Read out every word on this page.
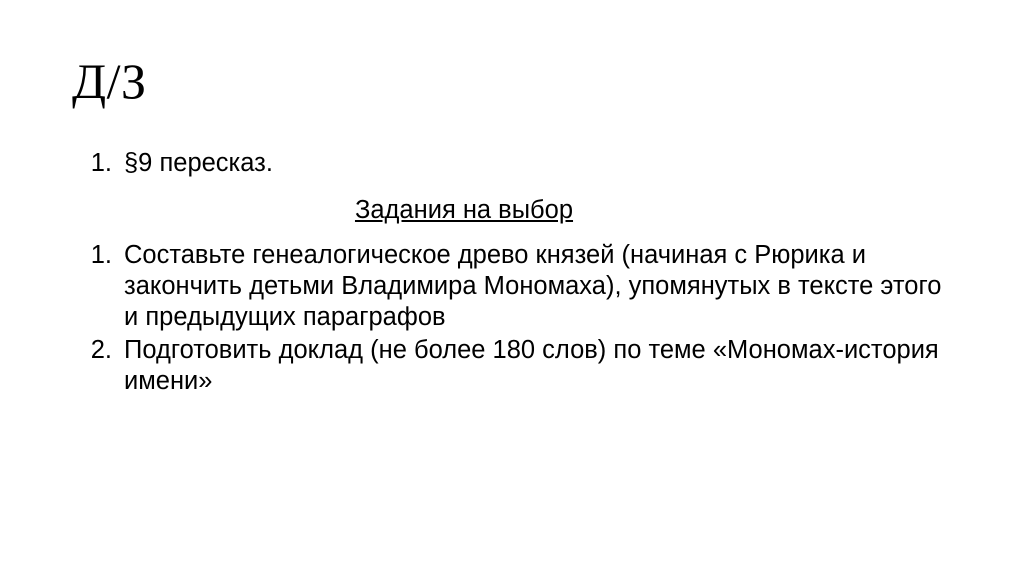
Д/З
1. §9 пересказ.
Задания на выбор
1. Составьте генеалогическое древо князей (начиная с Рюрика и закончить детьми Владимира Мономаха), упомянутых в тексте этого и предыдущих параграфов
2. Подготовить доклад (не более 180 слов) по теме «Мономах-история имени»
